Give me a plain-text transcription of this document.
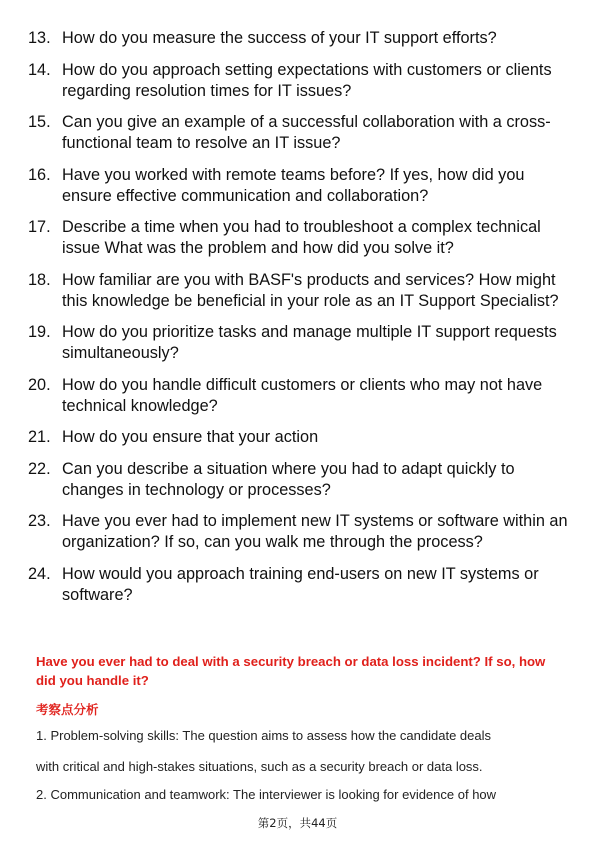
13. How do you measure the success of your IT support efforts?
14. How do you approach setting expectations with customers or clients regarding resolution times for IT issues?
15. Can you give an example of a successful collaboration with a cross-functional team to resolve an IT issue?
16. Have you worked with remote teams before? If yes, how did you ensure effective communication and collaboration?
17. Describe a time when you had to troubleshoot a complex technical issue What was the problem and how did you solve it?
18. How familiar are you with BASF's products and services? How might this knowledge be beneficial in your role as an IT Support Specialist?
19. How do you prioritize tasks and manage multiple IT support requests simultaneously?
20. How do you handle difficult customers or clients who may not have technical knowledge?
21. How do you ensure that your action
22. Can you describe a situation where you had to adapt quickly to changes in technology or processes?
23. Have you ever had to implement new IT systems or software within an organization? If so, can you walk me through the process?
24. How would you approach training end-users on new IT systems or software?

Have you ever had to deal with a security breach or data loss incident? If so, how did you handle it?

考察点分析

1. Problem-solving skills: The question aims to assess how the candidate deals

with critical and high-stakes situations, such as a security breach or data loss.

2. Communication and teamwork: The interviewer is looking for evidence of how

第2页，共44页
